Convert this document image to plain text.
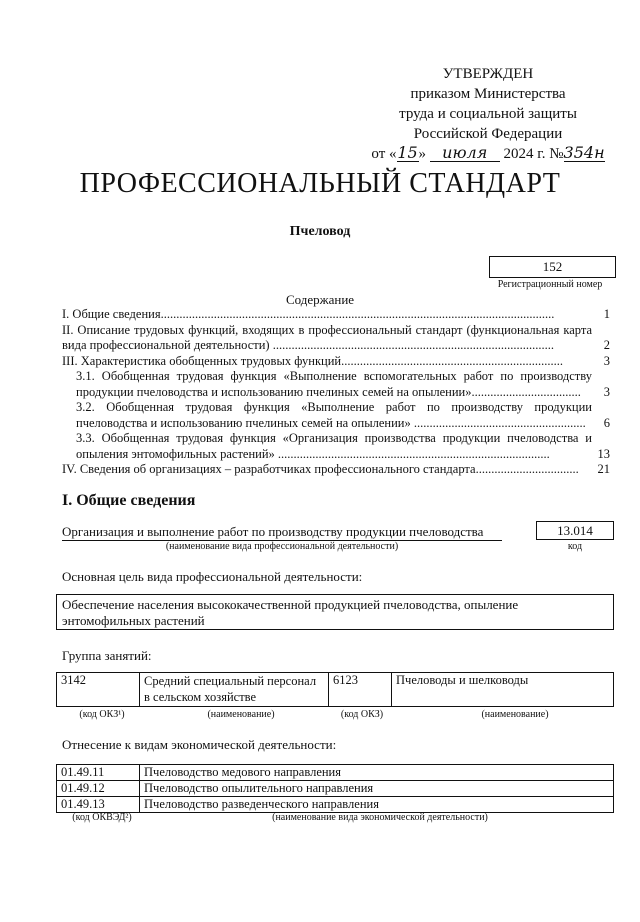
УТВЕРЖДЕН
приказом Министерства
труда и социальной защиты
Российской Федерации
от «15» июля 2024 г. №354н
ПРОФЕССИОНАЛЬНЫЙ СТАНДАРТ
Пчеловод
152
Регистрационный номер
Содержание
I. Общие сведения..............................................................................................................................	1
II. Описание трудовых функций, входящих в профессиональный стандарт (функциональная карта вида профессиональной деятельности) ..........................................................................................	2
III. Характеристика обобщенных трудовых функций.......................................................................	3
3.1. Обобщенная трудовая функция «Выполнение вспомогательных работ по производству продукции пчеловодства и использованию пчелиных семей на опылении»...................................	3
3.2. Обобщенная трудовая функция «Выполнение работ по производству продукции пчеловодства и использованию пчелиных семей на опылении» .......................................................	6
3.3. Обобщенная трудовая функция «Организация производства продукции пчеловодства и опыления энтомофильных растений» .......................................................................................	13
IV. Сведения об организациях – разработчиках профессионального стандарта.................................	21
I. Общие сведения
Организация и выполнение работ по производству продукции пчеловодства
(наименование вида профессиональной деятельности)
13.014
код
Основная цель вида профессиональной деятельности:
Обеспечение населения высококачественной продукцией пчеловодства, опыление энтомофильных растений
Группа занятий:
3142	Средний специальный персонал в сельском хозяйстве	6123	Пчеловоды и шелководы
(код ОКЗ¹)	(наименование)	(код ОКЗ)	(наименование)
Отнесение к видам экономической деятельности:
01.49.11	Пчеловодство медового направления
01.49.12	Пчеловодство опылительного направления
01.49.13	Пчеловодство разведенческого направления
(код ОКВЭД²)	(наименование вида экономической деятельности)
